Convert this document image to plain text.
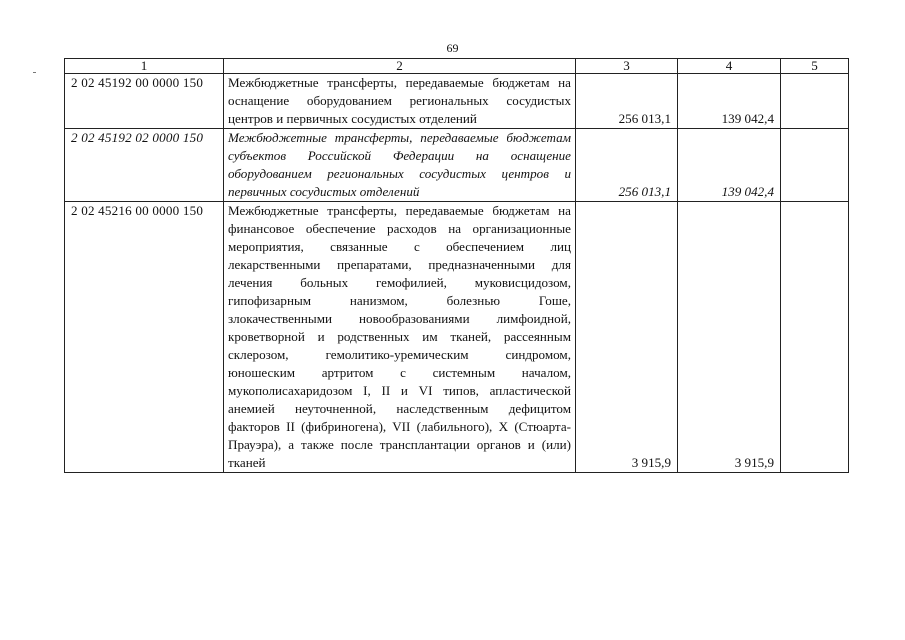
69
1	2	3	4	5
2 02 45192 00 0000 150	Межбюджетные трансферты, передаваемые бюджетам на оснащение оборудованием региональных сосудистых центров и первичных сосудистых отделений	256 013,1	139 042,4	
2 02 45192 02 0000 150	Межбюджетные трансферты, передаваемые бюджетам субъектов Российской Федерации на оснащение оборудованием региональных сосудистых центров и первичных сосудистых отделений	256 013,1	139 042,4	
2 02 45216 00 0000 150	Межбюджетные трансферты, передаваемые бюджетам на финансовое обеспечение расходов на организационные мероприятия, связанные с обеспечением лиц лекарственными препаратами, предназначенными для лечения больных гемофилией, муковисцидозом, гипофизарным нанизмом, болезнью Гоше, злокачественными новообразованиями лимфоидной, кроветворной и родственных им тканей, рассеянным склерозом, гемолитико-уремическим синдромом, юношеским артритом с системным началом, мукополисахаридозом I, II и VI типов, апластической анемией неуточненной, наследственным дефицитом факторов II (фибриногена), VII (лабильного), X (Стюарта-Прауэра), а также после трансплантации органов и (или) тканей	3 915,9	3 915,9	
